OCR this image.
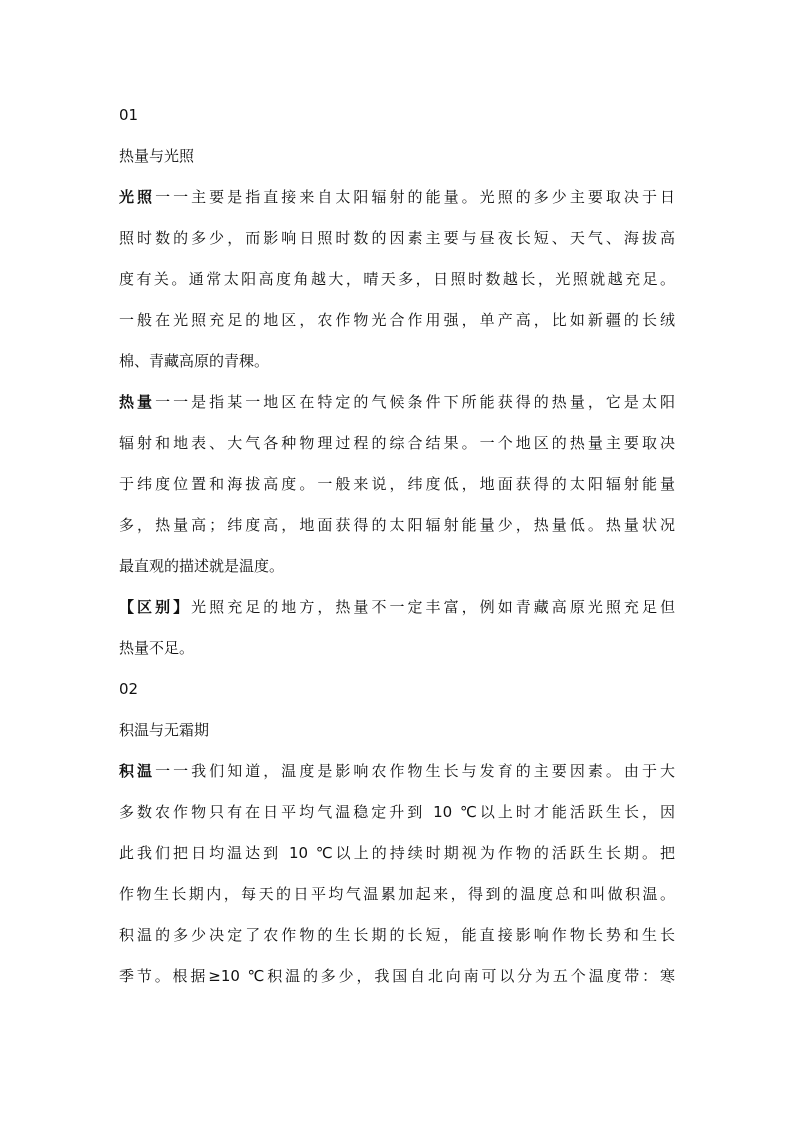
01

热量与光照

光照一一主要是指直接来自太阳辐射的能量。光照的多少主要取决于日
照时数的多少，而影响日照时数的因素主要与昼夜长短、天气、海拔高
度有关。通常太阳高度角越大，晴天多，日照时数越长，光照就越充足。
一般在光照充足的地区，农作物光合作用强，单产高，比如新疆的长绒
棉、青藏高原的青稞。
热量一一是指某一地区在特定的气候条件下所能获得的热量，它是太阳
辐射和地表、大气各种物理过程的综合结果。一个地区的热量主要取决
于纬度位置和海拔高度。一般来说，纬度低，地面获得的太阳辐射能量
多，热量高；纬度高，地面获得的太阳辐射能量少，热量低。热量状况
最直观的描述就是温度。
【区别】光照充足的地方，热量不一定丰富，例如青藏高原光照充足但
热量不足。

02

积温与无霜期

积温一一我们知道，温度是影响农作物生长与发育的主要因素。由于大
多数农作物只有在日平均气温稳定升到 10 ℃以上时才能活跃生长，因
此我们把日均温达到 10 ℃以上的持续时期视为作物的活跃生长期。把
作物生长期内，每天的日平均气温累加起来，得到的温度总和叫做积温。
积温的多少决定了农作物的生长期的长短，能直接影响作物长势和生长
季节。根据≥10 ℃积温的多少，我国自北向南可以分为五个温度带：寒
